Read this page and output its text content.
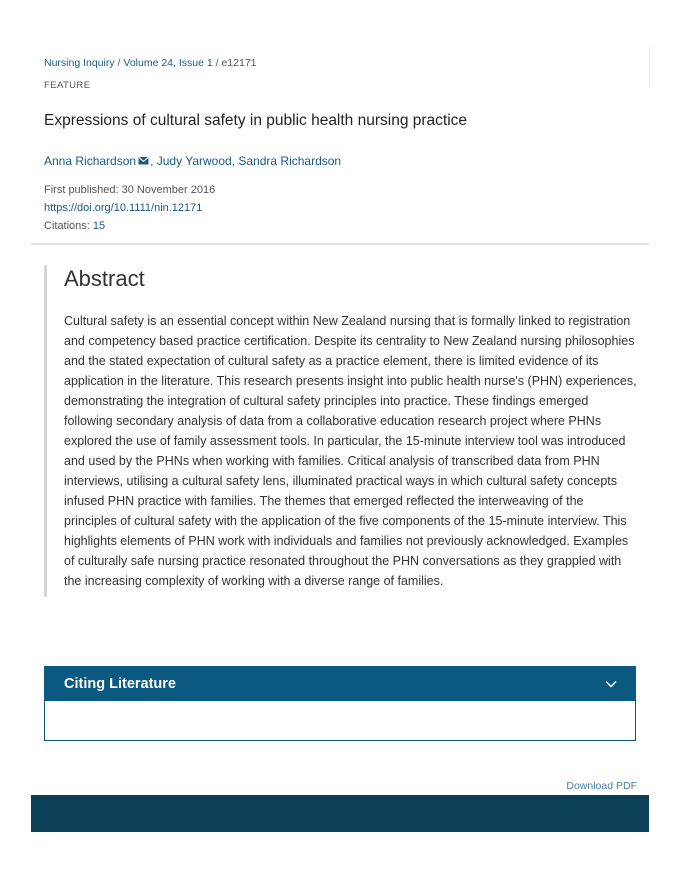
Nursing Inquiry / Volume 24, Issue 1 / e12171
FEATURE
Expressions of cultural safety in public health nursing practice
Anna Richardson , Judy Yarwood, Sandra Richardson
First published: 30 November 2016
https://doi.org/10.1111/nin.12171
Citations: 15
Abstract

Cultural safety is an essential concept within New Zealand nursing that is formally linked to registration and competency based practice certification. Despite its centrality to New Zealand nursing philosophies and the stated expectation of cultural safety as a practice element, there is limited evidence of its application in the literature. This research presents insight into public health nurse's (PHN) experiences, demonstrating the integration of cultural safety principles into practice. These findings emerged following secondary analysis of data from a collaborative education research project where PHNs explored the use of family assessment tools. In particular, the 15-minute interview tool was introduced and used by the PHNs when working with families. Critical analysis of transcribed data from PHN interviews, utilising a cultural safety lens, illuminated practical ways in which cultural safety concepts infused PHN practice with families. The themes that emerged reflected the interweaving of the principles of cultural safety with the application of the five components of the 15-minute interview. This highlights elements of PHN work with individuals and families not previously acknowledged. Examples of culturally safe nursing practice resonated throughout the PHN conversations as they grappled with the increasing complexity of working with a diverse range of families.

Citing Literature
Download PDF
